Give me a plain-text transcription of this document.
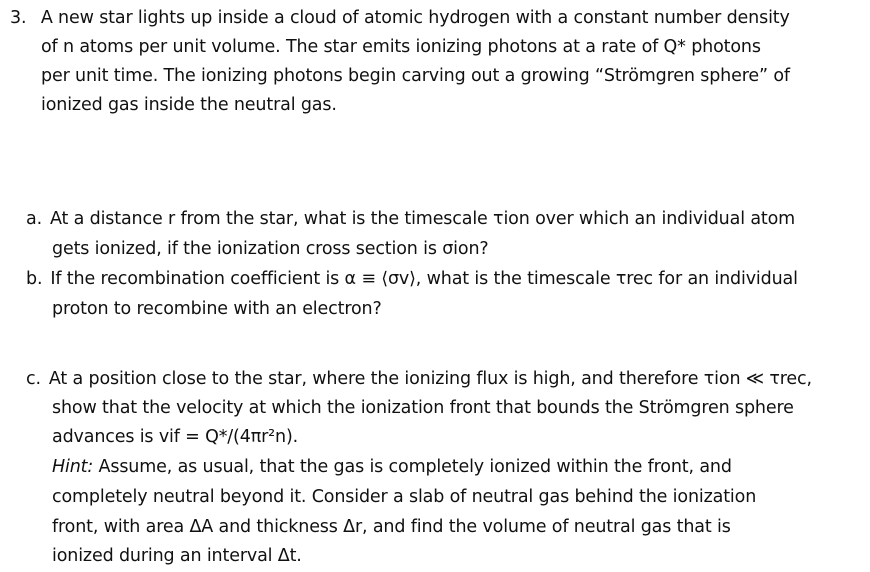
3. A new star lights up inside a cloud of atomic hydrogen with a constant number density
of n atoms per unit volume. The star emits ionizing photons at a rate of Q* photons
per unit time. The ionizing photons begin carving out a growing “Strömgren sphere” of
ionized gas inside the neutral gas.
a. At a distance r from the star, what is the timescale τion over which an individual atom
gets ionized, if the ionization cross section is σion?
b. If the recombination coefficient is α ≡ ⟨σv⟩, what is the timescale τrec for an individual
proton to recombine with an electron?
c. At a position close to the star, where the ionizing flux is high, and therefore τion ≪ τrec,
show that the velocity at which the ionization front that bounds the Strömgren sphere
advances is vif = Q*/(4πr²n).
Hint: Assume, as usual, that the gas is completely ionized within the front, and
completely neutral beyond it. Consider a slab of neutral gas behind the ionization
front, with area ΔA and thickness Δr, and find the volume of neutral gas that is
ionized during an interval Δt.
